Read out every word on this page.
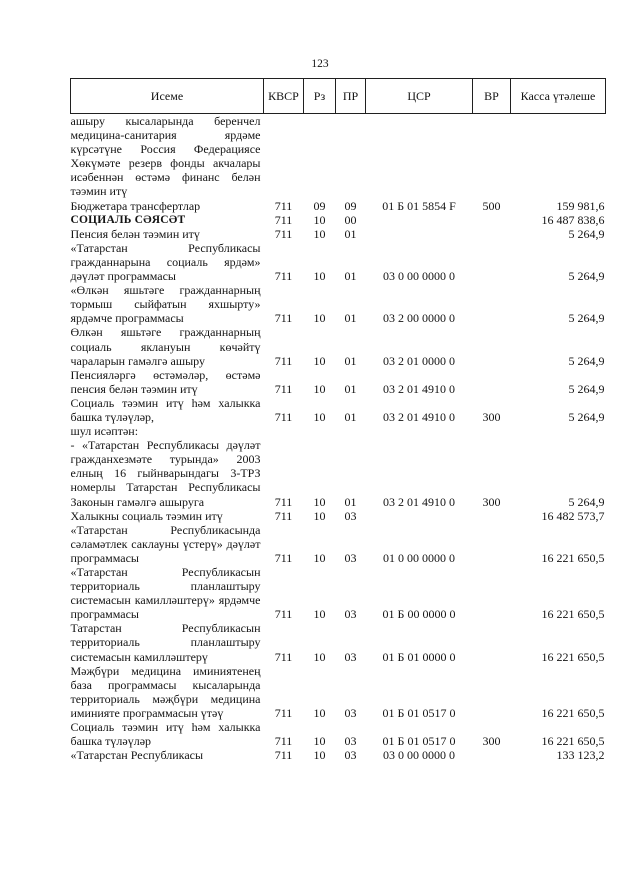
123
Исеме	КВСР	Рз	ПР	ЦСР	ВР	Касса үтәлеше
ашыру кысаларында беренчел медицина-санитария ярдәме күрсәтүне Россия Федерациясе Хөкүмәте резерв фонды акчалары исәбеннән өстәмә финанс белән тәэмин итү						
Бюджетара трансфертлар	711	09	09	01 Б 01 5854 F	500	159 981,6
СОЦИАЛЬ СӘЯСӘТ	711	10	00			16 487 838,6
Пенсия белән тәэмин итү	711	10	01			5 264,9
«Татарстан Республикасы гражданнарына социаль ярдәм» дәүләт программасы	711	10	01	03 0 00 0000 0		5 264,9
«Өлкән яшьтәге гражданнарның тормыш сыйфатын яхшырту» ярдәмче программасы	711	10	01	03 2 00 0000 0		5 264,9
Өлкән яшьтәге гражданнарның социаль яклануын көчәйтү чараларын гамәлгә ашыру	711	10	01	03 2 01 0000 0		5 264,9
Пенсияләргә өстәмәләр, өстәмә пенсия белән тәэмин итү	711	10	01	03 2 01 4910 0		5 264,9
Социаль тәэмин итү һәм халыкка башка түләүләр,	711	10	01	03 2 01 4910 0	300	5 264,9
шул исәптән:						
- «Татарстан Республикасы дәүләт гражданхезмәте турында» 2003 елның 16 гыйнварындагы 3-ТРЗ номерлы Татарстан Республикасы Законын гамәлгә ашыруга	711	10	01	03 2 01 4910 0	300	5 264,9
Халыкны социаль тәэмин итү	711	10	03			16 482 573,7
«Татарстан Республикасында сәламәтлек саклауны үстерү» дәүләт программасы	711	10	03	01 0 00 0000 0		16 221 650,5
«Татарстан Республикасын территориаль планлаштыру системасын камилләштерү» ярдәмче программасы	711	10	03	01 Б 00 0000 0		16 221 650,5
Татарстан Республикасын территориаль планлаштыру системасын камилләштерү	711	10	03	01 Б 01 0000 0		16 221 650,5
Мәҗбүри медицина иминиятенең база программасы кысаларында территориаль мәҗбүри медицина иминияте программасын үтәү	711	10	03	01 Б 01 0517 0		16 221 650,5
Социаль тәэмин итү һәм халыкка башка түләүләр	711	10	03	01 Б 01 0517 0	300	16 221 650,5
«Татарстан Республикасы	711	10	03	03 0 00 0000 0		133 123,2
